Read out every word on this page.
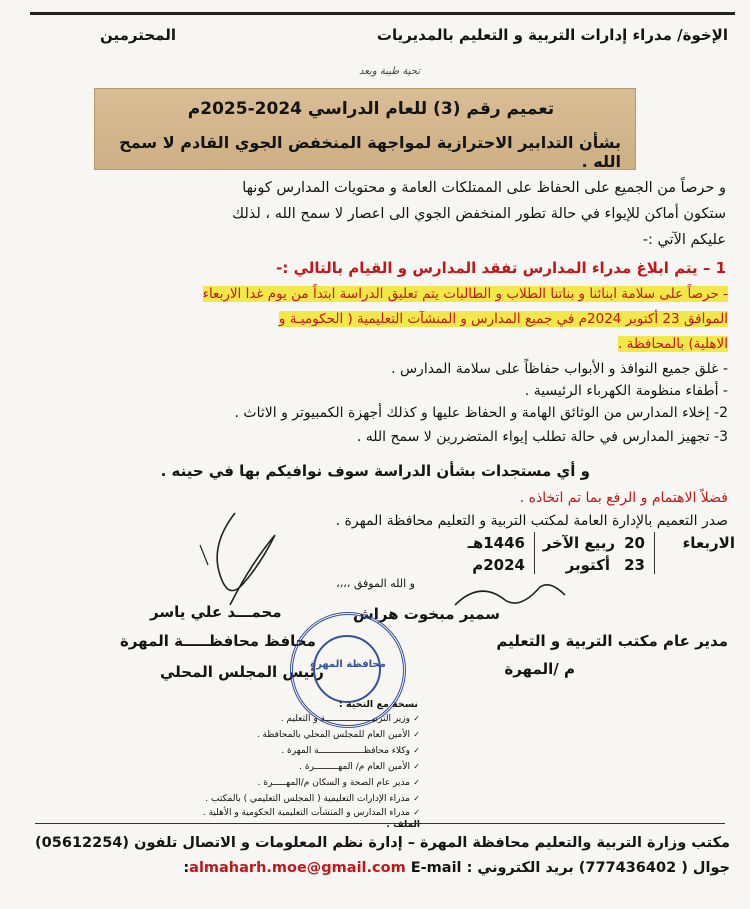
الإخوة/ مدراء إدارات التربية و التعليم بالمديريات
المحترمين
تحية طيبة وبعد
تعميم رقم (3) للعام الدراسي 2024-2025م
بشأن التدابير الاحترازية لمواجهة المنخفض الجوي القادم لا سمح الله .
و حرصاً من الجميع على الحفاظ على الممتلكات العامة و محتويات المدارس كونها
ستكون أماكن للإيواء في حالة تطور المنخفض الجوي الى اعصار لا سمح الله ، لذلك
عليكم الآتي :-
1 – يتم ابلاغ مدراء المدارس تفقد المدارس و القيام بالتالي :-
- حرصاً على سلامة ابنائنا و بناتنا الطلاب و الطالبات يتم تعليق الدراسة ابتداً من يوم غدا الاربعاء
الموافق 23 أكتوبر 2024م في جميع المدارس و المنشآت التعليمية ( الحكوميـة و
الاهلية) بالمحافظة .
- غلق جميع النوافذ و الأبواب حفاظاً على سلامة المدارس .
- أطفاء منظومة الكهرباء الرئيسية .
2- إخلاء المدارس من الوثائق الهامة و الحفاظ عليها و كذلك أجهزة الكمبيوتر و الاثاث .
3- تجهيز المدارس في حالة تطلب إيواء المتضررين لا سمح الله .
و أي مستجدات بشأن الدراسة سوف نوافيكم بها في حينه .
فضلاً الاهتمام و الرفع بما تم اتخاذه .
صدر التعميم بالإدارة العامة لمكتب التربية و التعليم محافظة المهرة .
الاربعاء
20
ربيع الآخر
1446هـ
23
أكتوبر
2024م
و الله الموفق ،،،،
سمير مبخوت هراش
مدير عام مكتب التربية و التعليم
م /المهرة
محمـــد علي ياسر
محافظ محافظـــــة المهرة
رئيس المجلس المحلي
محافظة المهرة
نسخة مع التحية :
✓وزير التربيــــــــــــــــــة و التعليم .
✓الأمين العام للمجلس المحلي بالمحافظة .
✓وكلاء محافظـــــــــــــــــة المهرة .
✓الأمين العام م/ المهـــــــــرة .
✓مدير عام الصحة و السكان م/المهـــــرة .
✓مدراء الإدارات التعليمية ( المجلس التعليمي ) بالمكتب .
✓مدراء المدارس و المنشآت التعليمية الحكومية و الأهلية .
الملف .
مكتب وزارة التربية والتعليم محافظة المهرة – إدارة نظم المعلومات و الاتصال تلفون (05612254)
جوال ( 777436402) بريد الكتروني : almaharh.moe@gmail.com E-mail:
